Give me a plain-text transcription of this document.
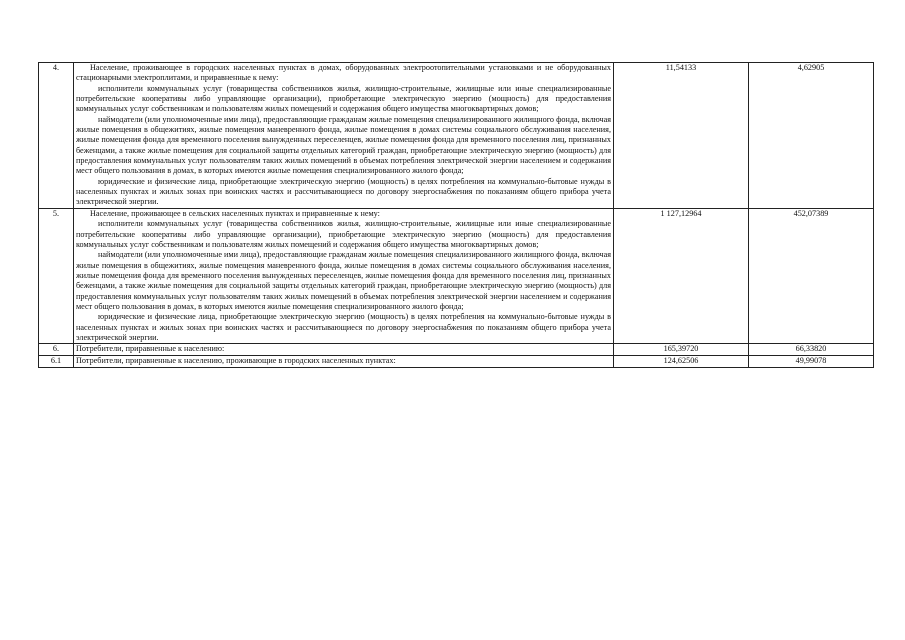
4.	Население, проживающее в городских населенных пунктах в домах, оборудованных электроотопительными установками и не оборудованных стационарными электроплитами, и приравненные к нему:

исполнители коммунальных услуг (товарищества собственников жилья, жилищно-строительные, жилищные или иные специализированные потребительские кооперативы либо управляющие организации), приобретающие электрическую энергию (мощность) для предоставления коммунальных услуг собственникам и пользователям жилых помещений и содержания общего имущества многоквартирных домов;

наймодатели (или уполномоченные ими лица), предоставляющие гражданам жилые помещения специализированного жилищного фонда, включая жилые помещения в общежитиях, жилые помещения маневренного фонда, жилые помещения в домах системы социального обслуживания населения, жилые помещения фонда для временного поселения вынужденных переселенцев, жилые помещения фонда для временного поселения лиц, признанных беженцами, а также жилые помещения для социальной защиты отдельных категорий граждан, приобретающие электрическую энергию (мощность) для предоставления коммунальных услуг пользователям таких жилых помещений в объемах потребления электрической энергии населением и содержания мест общего пользования в домах, в которых имеются жилые помещения специализированного жилого фонда;

юридические и физические лица, приобретающие электрическую энергию (мощность) в целях потребления на коммунально-бытовые нужды в населенных пунктах и жилых зонах при воинских частях и рассчитывающиеся по договору энергоснабжения по показаниям общего прибора учета электрической энергии.	11,54133	4,62905
5.	Население, проживающее в сельских населенных пунктах и приравненные к нему:

исполнители коммунальных услуг (товарищества собственников жилья, жилищно-строительные, жилищные или иные специализированные потребительские кооперативы либо управляющие организации), приобретающие электрическую энергию (мощность) для предоставления коммунальных услуг собственникам и пользователям жилых помещений и содержания общего имущества многоквартирных домов;

наймодатели (или уполномоченные ими лица), предоставляющие гражданам жилые помещения специализированного жилищного фонда, включая жилые помещения в общежитиях, жилые помещения маневренного фонда, жилые помещения в домах системы социального обслуживания населения, жилые помещения фонда для временного поселения вынужденных переселенцев, жилые помещения фонда для временного поселения лиц, признанных беженцами, а также жилые помещения для социальной защиты отдельных категорий граждан, приобретающие электрическую энергию (мощность) для предоставления коммунальных услуг пользователям таких жилых помещений в объемах потребления электрической энергии населением и содержания мест общего пользования в домах, в которых имеются жилые помещения специализированного жилого фонда;

юридические и физические лица, приобретающие электрическую энергию (мощность) в целях потребления на коммунально-бытовые нужды в населенных пунктах и жилых зонах при воинских частях и рассчитывающиеся по договору энергоснабжения по показаниям общего прибора учета электрической энергии.	1 127,12964	452,07389
6.	Потребители, приравненные к населению:	165,39720	66,33820
6.1	Потребители, приравненные к населению, проживающие в городских населенных пунктах:	124,62506	49,99078
